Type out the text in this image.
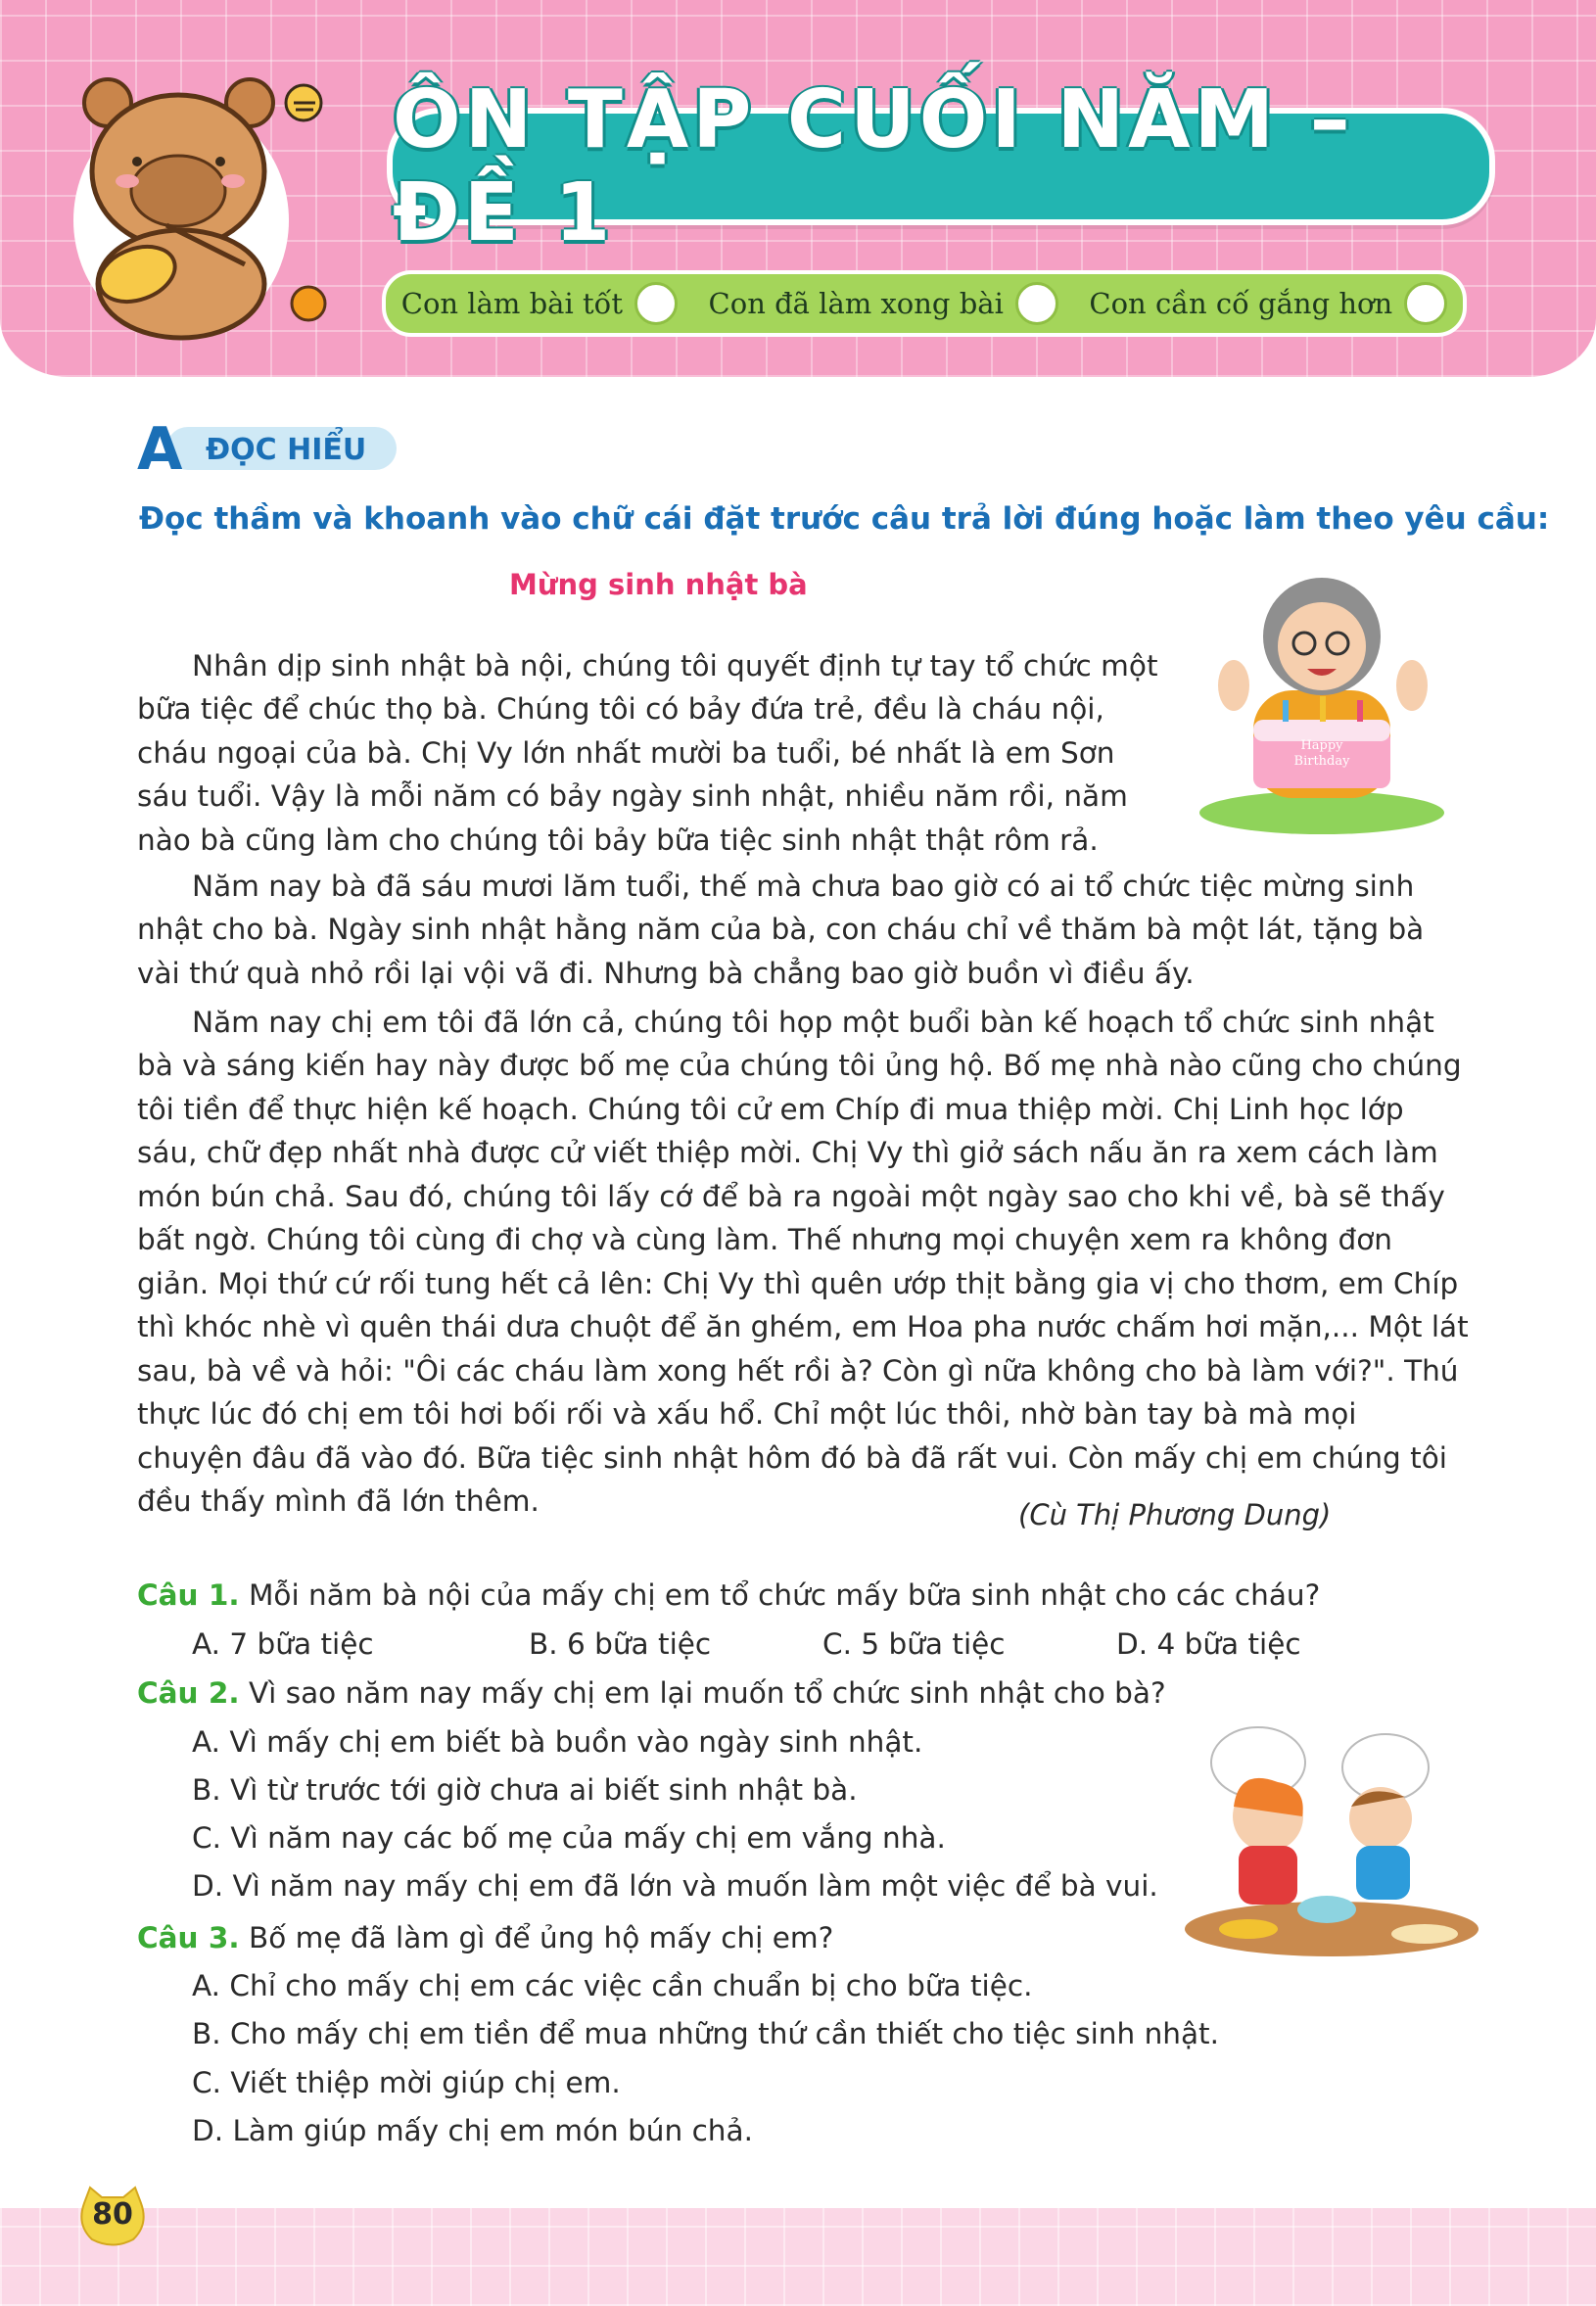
ÔN TẬP CUỐI NĂM – ĐỀ 1
Con làm bài tốt	Con đã làm xong bài	Con cần cố gắng hơn
A ĐỌC HIỂU
Đọc thầm và khoanh vào chữ cái đặt trước câu trả lời đúng hoặc làm theo yêu cầu:
Mừng sinh nhật bà
Happy
Birthday

Nhân dịp sinh nhật bà nội, chúng tôi quyết định tự tay tổ chức một bữa tiệc để chúc thọ bà. Chúng tôi có bảy đứa trẻ, đều là cháu nội, cháu ngoại của bà. Chị Vy lớn nhất mười ba tuổi, bé nhất là em Sơn sáu tuổi. Vậy là mỗi năm có bảy ngày sinh nhật, nhiều năm rồi, năm nào bà cũng làm cho chúng tôi bảy bữa tiệc sinh nhật thật rôm rả.

Năm nay bà đã sáu mươi lăm tuổi, thế mà chưa bao giờ có ai tổ chức tiệc mừng sinh nhật cho bà. Ngày sinh nhật hằng năm của bà, con cháu chỉ về thăm bà một lát, tặng bà vài thứ quà nhỏ rồi lại vội vã đi. Nhưng bà chẳng bao giờ buồn vì điều ấy.

Năm nay chị em tôi đã lớn cả, chúng tôi họp một buổi bàn kế hoạch tổ chức sinh nhật bà và sáng kiến hay này được bố mẹ của chúng tôi ủng hộ. Bố mẹ nhà nào cũng cho chúng tôi tiền để thực hiện kế hoạch. Chúng tôi cử em Chíp đi mua thiệp mời. Chị Linh học lớp sáu, chữ đẹp nhất nhà được cử viết thiệp mời. Chị Vy thì giở sách nấu ăn ra xem cách làm món bún chả. Sau đó, chúng tôi lấy cớ để bà ra ngoài một ngày sao cho khi về, bà sẽ thấy bất ngờ. Chúng tôi cùng đi chợ và cùng làm. Thế nhưng mọi chuyện xem ra không đơn giản. Mọi thứ cứ rối tung hết cả lên: Chị Vy thì quên ướp thịt bằng gia vị cho thơm, em Chíp thì khóc nhè vì quên thái dưa chuột để ăn ghém, em Hoa pha nước chấm hơi mặn,... Một lát sau, bà về và hỏi: "Ôi các cháu làm xong hết rồi à? Còn gì nữa không cho bà làm với?". Thú thực lúc đó chị em tôi hơi bối rối và xấu hổ. Chỉ một lúc thôi, nhờ bàn tay bà mà mọi chuyện đâu đã vào đó. Bữa tiệc sinh nhật hôm đó bà đã rất vui. Còn mấy chị em chúng tôi đều thấy mình đã lớn thêm.	(Cù Thị Phương Dung)
Câu 1. Mỗi năm bà nội của mấy chị em tổ chức mấy bữa sinh nhật cho các cháu?
A. 7 bữa tiệc	B. 6 bữa tiệc	C. 5 bữa tiệc	D. 4 bữa tiệc
Câu 2. Vì sao năm nay mấy chị em lại muốn tổ chức sinh nhật cho bà?
A. Vì mấy chị em biết bà buồn vào ngày sinh nhật.
B. Vì từ trước tới giờ chưa ai biết sinh nhật bà.
C. Vì năm nay các bố mẹ của mấy chị em vắng nhà.
D. Vì năm nay mấy chị em đã lớn và muốn làm một việc để bà vui.
Câu 3. Bố mẹ đã làm gì để ủng hộ mấy chị em?
A. Chỉ cho mấy chị em các việc cần chuẩn bị cho bữa tiệc.
B. Cho mấy chị em tiền để mua những thứ cần thiết cho tiệc sinh nhật.
C. Viết thiệp mời giúp chị em.
D. Làm giúp mấy chị em món bún chả.
80
